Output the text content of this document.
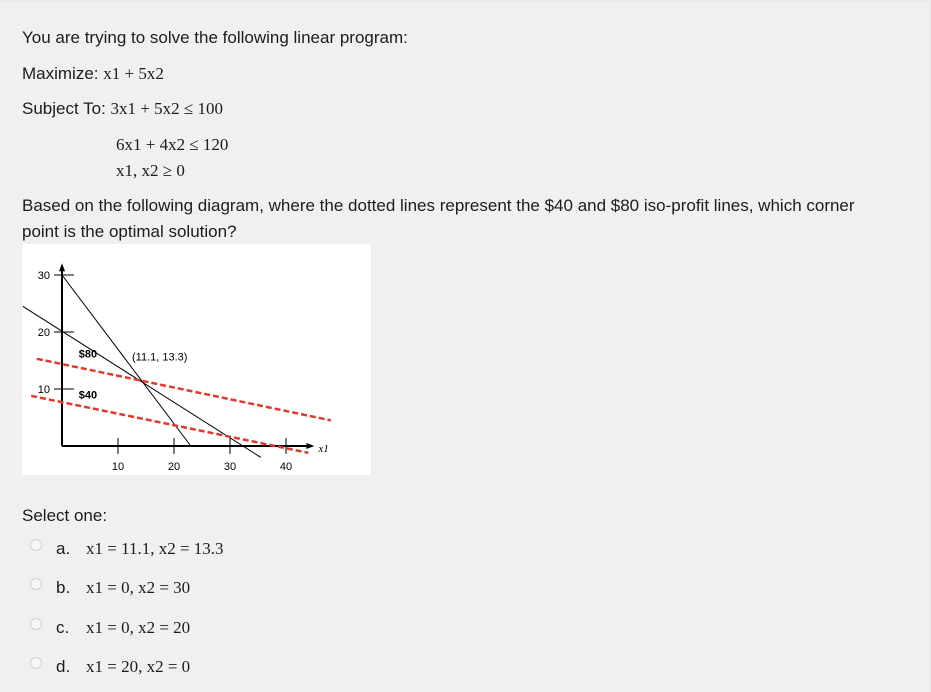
You are trying to solve the following linear program:
Maximize: x1 + 5x2
Subject To: 3x1 + 5x2 ≤ 100
6x1 + 4x2 ≤ 120
x1, x2 ≥ 0
Based on the following diagram, where the dotted lines represent the $40 and $80 iso-profit lines, which corner point is the optimal solution?
10	20	30	40
10
20
30
x1
$80
$40
(11.1, 13.3)
Select one:
a. x1 = 11.1, x2 = 13.3
b. x1 = 0, x2 = 30
c. x1 = 0, x2 = 20
d. x1 = 20, x2 = 0
